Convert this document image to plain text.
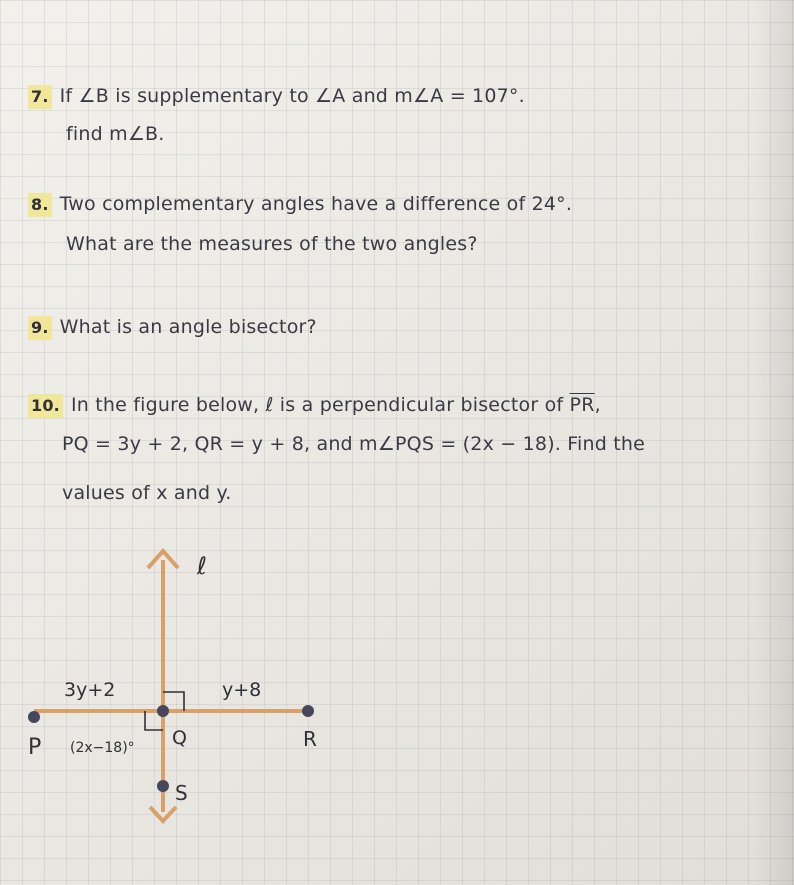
7. If ∠B is supplementary to ∠A and m∠A = 107°.
find m∠B.
8. Two complementary angles have a difference of 24°.
What are the measures of the two angles?
9. What is an angle bisector?
10. In the figure below, ℓ is a perpendicular bisector of $\overline{PR}$,
PQ = 3y + 2, QR = y + 8, and m∠PQS = (2x − 18). Find the
values of x and y.
ℓ
3y+2	y+8
(2x−18)°
P	Q	R
S
